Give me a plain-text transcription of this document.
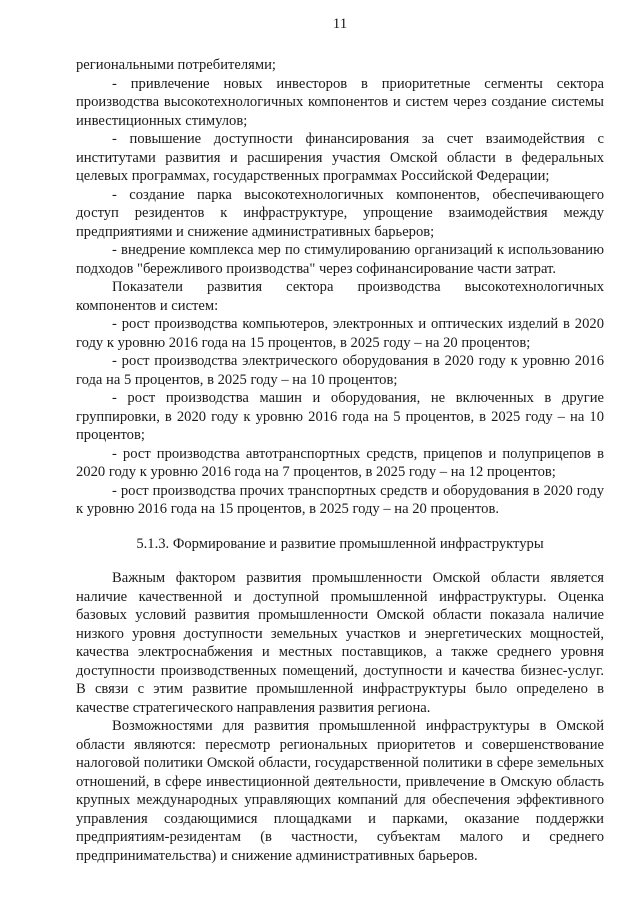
11

региональными потребителями;

- привлечение новых инвесторов в приоритетные сегменты сектора производства высокотехнологичных компонентов и систем через создание системы инвестиционных стимулов;

- повышение доступности финансирования за счет взаимодействия с институтами развития и расширения участия Омской области в федеральных целевых программах, государственных программах Российской Федерации;

- создание парка высокотехнологичных компонентов, обеспечивающего доступ резидентов к инфраструктуре, упрощение взаимодействия между предприятиями и снижение административных барьеров;

- внедрение комплекса мер по стимулированию организаций к использованию подходов "бережливого производства" через софинансирование части затрат.

Показатели развития сектора производства высокотехнологичных компонентов и систем:

- рост производства компьютеров, электронных и оптических изделий в 2020 году к уровню 2016 года на 15 процентов, в 2025 году – на 20 процентов;

- рост производства электрического оборудования в 2020 году к уровню 2016 года на 5 процентов, в 2025 году – на 10 процентов;

- рост производства машин и оборудования, не включенных в другие группировки, в 2020 году к уровню 2016 года на 5 процентов, в 2025 году – на 10 процентов;

- рост производства автотранспортных средств, прицепов и полуприцепов в 2020 году к уровню 2016 года на 7 процентов, в 2025 году – на 12 процентов;

- рост производства прочих транспортных средств и оборудования в 2020 году к уровню 2016 года на 15 процентов, в 2025 году – на 20 процентов.

5.1.3. Формирование и развитие промышленной инфраструктуры

Важным фактором развития промышленности Омской области является наличие качественной и доступной промышленной инфраструктуры. Оценка базовых условий развития промышленности Омской области показала наличие низкого уровня доступности земельных участков и энергетических мощностей, качества электроснабжения и местных поставщиков, а также среднего уровня доступности производственных помещений, доступности и качества бизнес-услуг. В связи с этим развитие промышленной инфраструктуры было определено в качестве стратегического направления развития региона.

Возможностями для развития промышленной инфраструктуры в Омской области являются: пересмотр региональных приоритетов и совершенствование налоговой политики Омской области, государственной политики в сфере земельных отношений, в сфере инвестиционной деятельности, привлечение в Омскую область крупных международных управляющих компаний для обеспечения эффективного управления создающимися площадками и парками, оказание поддержки предприятиям-резидентам (в частности, субъектам малого и среднего предпринимательства) и снижение административных барьеров.
